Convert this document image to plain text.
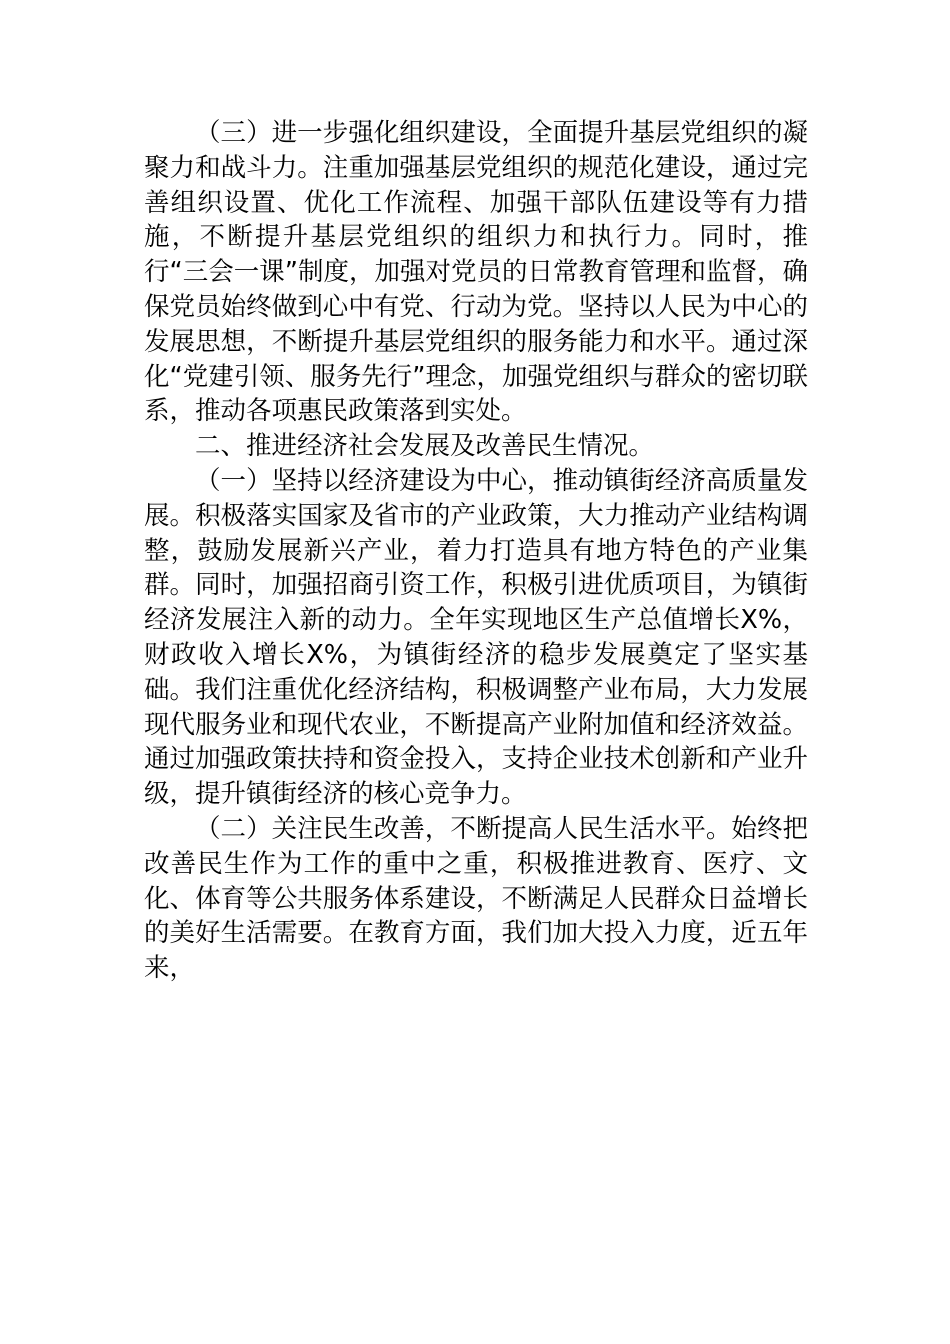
（三）进一步强化组织建设，全面提升基层党组织的凝聚力和战斗力。注重加强基层党组织的规范化建设，通过完善组织设置、优化工作流程、加强干部队伍建设等有力措施，不断提升基层党组织的组织力和执行力。同时，推行“三会一课”制度，加强对党员的日常教育管理和监督，确保党员始终做到心中有党、行动为党。坚持以人民为中心的发展思想，不断提升基层党组织的服务能力和水平。通过深化“党建引领、服务先行”理念，加强党组织与群众的密切联系，推动各项惠民政策落到实处。

二、推进经济社会发展及改善民生情况。

（一）坚持以经济建设为中心，推动镇街经济高质量发展。积极落实国家及省市的产业政策，大力推动产业结构调整，鼓励发展新兴产业，着力打造具有地方特色的产业集群。同时，加强招商引资工作，积极引进优质项目，为镇街经济发展注入新的动力。全年实现地区生产总值增长X%，财政收入增长X%，为镇街经济的稳步发展奠定了坚实基础。我们注重优化经济结构，积极调整产业布局，大力发展现代服务业和现代农业，不断提高产业附加值和经济效益。通过加强政策扶持和资金投入，支持企业技术创新和产业升级，提升镇街经济的核心竞争力。

（二）关注民生改善，不断提高人民生活水平。始终把改善民生作为工作的重中之重，积极推进教育、医疗、文化、体育等公共服务体系建设，不断满足人民群众日益增长的美好生活需要。在教育方面，我们加大投入力度，近五年来，
